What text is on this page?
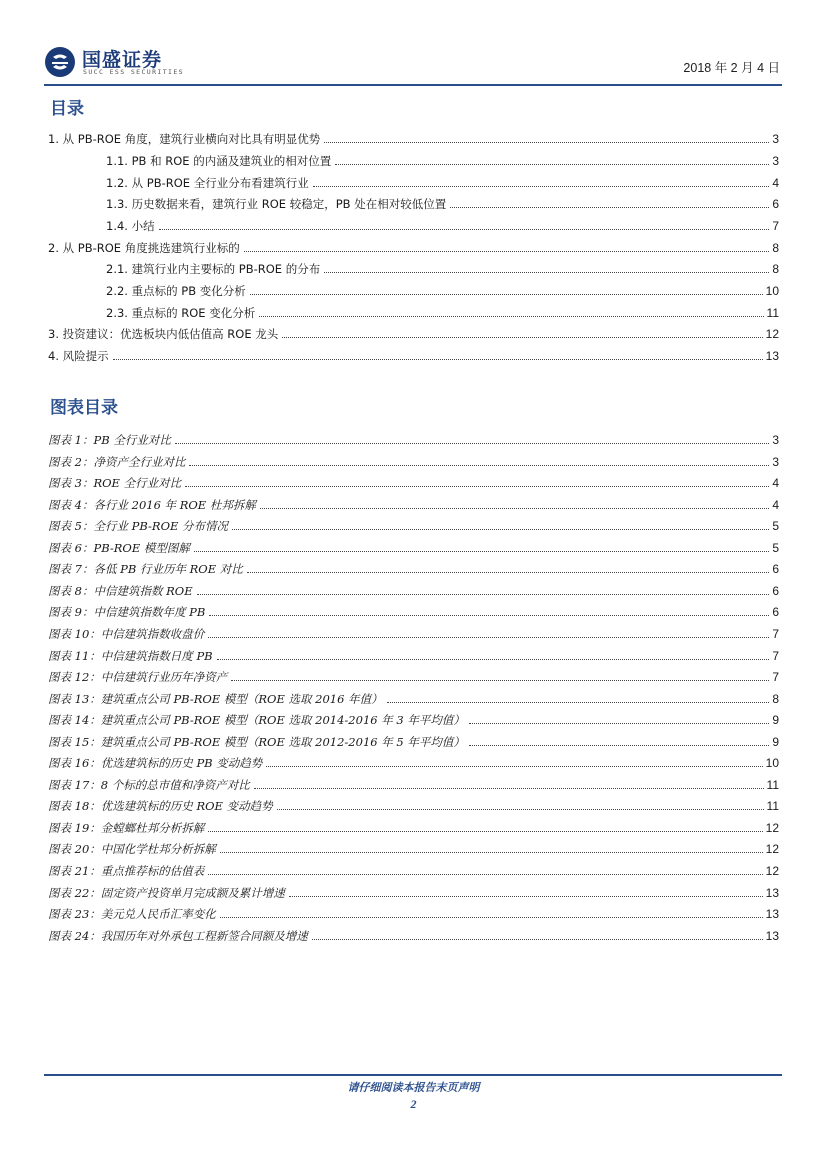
国盛证券
SUCC ESS SECURITIES	2018 年 2 月 4 日
目录
1. 从 PB-ROE 角度，建筑行业横向对比具有明显优势	3
1.1. PB 和 ROE 的内涵及建筑业的相对位置	3
1.2. 从 PB-ROE 全行业分布看建筑行业	4
1.3. 历史数据来看，建筑行业 ROE 较稳定，PB 处在相对较低位置	6
1.4. 小结	7
2. 从 PB-ROE 角度挑选建筑行业标的	8
2.1. 建筑行业内主要标的 PB-ROE 的分布	8
2.2. 重点标的 PB 变化分析	10
2.3. 重点标的 ROE 变化分析	11
3. 投资建议：优选板块内低估值高 ROE 龙头	12
4. 风险提示	13
图表目录
图表 1：PB 全行业对比	3
图表 2：净资产全行业对比	3
图表 3：ROE 全行业对比	4
图表 4：各行业 2016 年 ROE 杜邦拆解	4
图表 5：全行业 PB-ROE 分布情况	5
图表 6：PB-ROE 模型图解	5
图表 7：各低 PB 行业历年 ROE 对比	6
图表 8：中信建筑指数 ROE	6
图表 9：中信建筑指数年度 PB	6
图表 10：中信建筑指数收盘价	7
图表 11：中信建筑指数日度 PB	7
图表 12：中信建筑行业历年净资产	7
图表 13：建筑重点公司 PB-ROE 模型（ROE 选取 2016 年值）	8
图表 14：建筑重点公司 PB-ROE 模型（ROE 选取 2014-2016 年 3 年平均值）	9
图表 15：建筑重点公司 PB-ROE 模型（ROE 选取 2012-2016 年 5 年平均值）	9
图表 16：优选建筑标的历史 PB 变动趋势	10
图表 17：8 个标的总市值和净资产对比	11
图表 18：优选建筑标的历史 ROE 变动趋势	11
图表 19：金螳螂杜邦分析拆解	12
图表 20：中国化学杜邦分析拆解	12
图表 21：重点推荐标的估值表	12
图表 22：固定资产投资单月完成额及累计增速	13
图表 23：美元兑人民币汇率变化	13
图表 24：我国历年对外承包工程新签合同额及增速	13
请仔细阅读本报告末页声明
2
